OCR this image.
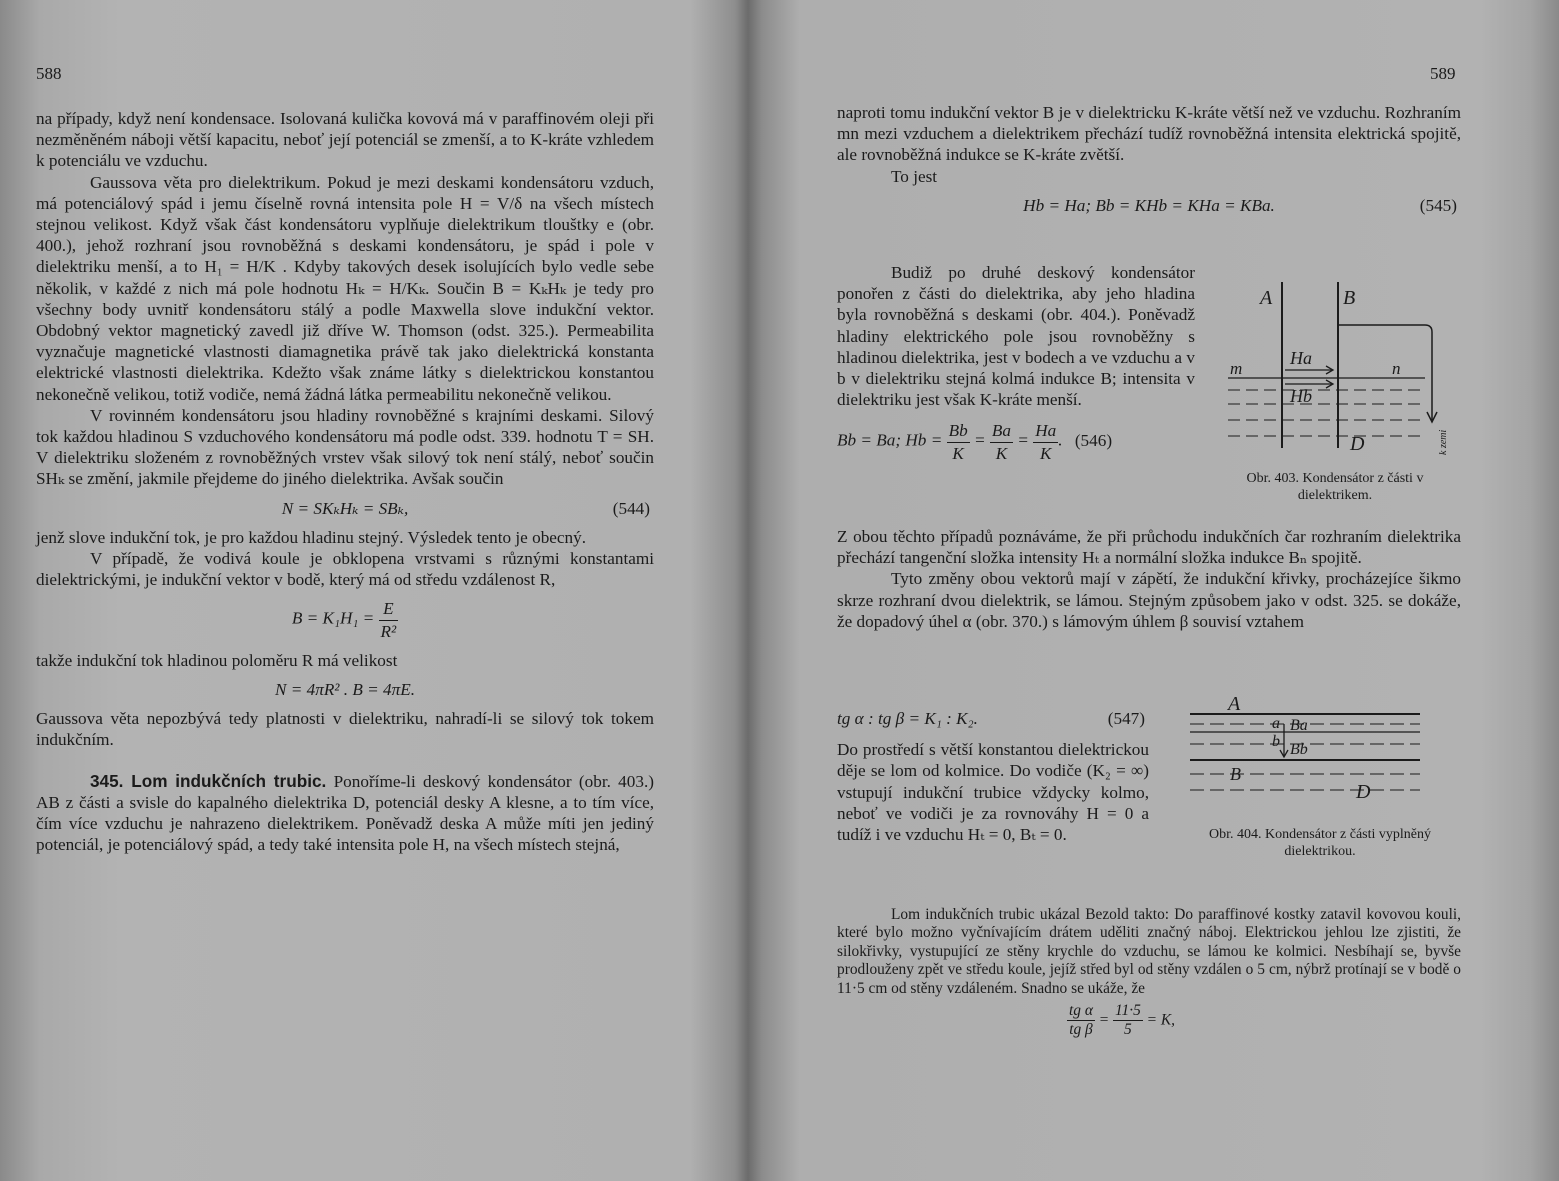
588

na případy, když není kondensace. Isolovaná kulička kovová má v paraffinovém oleji při nezměněném náboji větší kapacitu, neboť její potenciál se zmenší, a to K-kráte vzhledem k potenciálu ve vzduchu.

Gaussova věta pro dielektrikum. Pokud je mezi deskami kondensátoru vzduch, má potenciálový spád i jemu číselně rovná intensita pole H = V/δ na všech místech stejnou velikost. Když však část kondensátoru vyplňuje dielektrikum tlouštky e (obr. 400.), jehož rozhraní jsou rovnoběžná s deskami kondensátoru, je spád i pole v dielektriku menší, a to H₁ = H/K . Kdyby takových desek isolujících bylo vedle sebe několik, v každé z nich má pole hodnotu Hₖ = H/Kₖ. Součin B = KₖHₖ je tedy pro všechny body uvnitř kondensátoru stálý a podle Maxwella slove indukční vektor. Obdobný vektor magnetický zavedl již dříve W. Thomson (odst. 325.). Permeabilita vyznačuje magnetické vlastnosti diamagnetika právě tak jako dielektrická konstanta elektrické vlastnosti dielektrika. Kdežto však známe látky s dielektrickou konstantou nekonečně velikou, totiž vodiče, nemá žádná látka permeabilitu nekonečně velikou.

V rovinném kondensátoru jsou hladiny rovnoběžné s krajními deskami. Silový tok každou hladinou S vzduchového kondensátoru má podle odst. 339. hodnotu T = SH. V dielektriku složeném z rovnoběžných vrstev však silový tok není stálý, neboť součin SHₖ se změní, jakmile přejdeme do jiného dielektrika. Avšak součin

N = SKₖHₖ = SBₖ,	(544)

jenž slove indukční tok, je pro každou hladinu stejný. Výsledek tento je obecný.

V případě, že vodivá koule je obklopena vrstvami s různými konstantami dielektrickými, je indukční vektor v bodě, který má od středu vzdálenost R,

$B = K_1H_1 = \frac{E}{\text{R²}}$

takže indukční tok hladinou poloměru R má velikost

N = 4πR² . B = 4πE.

Gaussova věta nepozbývá tedy platnosti v dielektriku, nahradí-li se silový tok tokem indukčním.

345. Lom indukčních trubic. Ponoříme-li deskový kondensátor (obr. 403.) AB z části a svisle do kapalného dielektrika D, potenciál desky A klesne, a to tím více, čím více vzduchu je nahrazeno dielektrikem. Poněvadž deska A může míti jen jediný potenciál, je potenciálový spád, a tedy také intensita pole H, na všech místech stejná,

589

naproti tomu indukční vektor B je v dielektricku K-kráte větší než ve vzduchu. Rozhraním mn mezi vzduchem a dielektrikem přechází tudíž rovnoběžná intensita elektrická spojitě, ale rovnoběžná indukce se K-kráte zvětší.

To jest

Hb = Ha; Bb = KHb = KHa = KBa.	(545)

Budiž po druhé deskový kondensátor ponořen z části do dielektrika, aby jeho hladina byla rovnoběžná s deskami (obr. 404.). Poněvadž hladiny elektrického pole jsou rovnoběžny s hladinou dielektrika, jest v bodech a ve vzduchu a v b v dielektriku stejná kolmá indukce B; intensita v dielektriku jest však K-kráte menší.

Bb = Ba; $Hb = \frac{Bb}{K} = \frac{Ba}{K} = \frac{Ha}{K}$ . (546)
A	B
m	n
Ha
Hb
D	k zemi
Obr. 403. Kondensátor z části v dielektrikem.

Z obou těchto případů poznáváme, že při průchodu indukčních čar rozhraním dielektrika přechází tangenční složka intensity Hₜ a normální složka indukce Bₙ spojitě.

Tyto změny obou vektorů mají v zápětí, že indukční křivky, procházejíce šikmo skrze rozhraní dvou dielektrik, se lámou. Stejným způsobem jako v odst. 325. se dokáže, že dopadový úhel α (obr. 370.) s lámovým úhlem β souvisí vztahem

tg α : tg β = K₁ : K₂.	(547)

Do prostředí s větší konstantou dielektrickou děje se lom od kolmice. Do vodiče (K₂ = ∞) vstupují indukční trubice vždycky kolmo, neboť ve vodiči je za rovnováhy H = 0 a tudíž i ve vzduchu Hₜ = 0, Bₜ = 0.

A
a
b
Ba
Bb
B
D
Obr. 404. Kondensátor z části vyplněný dielektrikou.

Lom indukčních trubic ukázal Bezold takto: Do paraffinové kostky zatavil kovovou kouli, které bylo možno vyčnívajícím drátem uděliti značný náboj. Elektrickou jehlou lze zjistiti, že silokřivky, vystupující ze stěny krychle do vzduchu, se lámou ke kolmici. Nesbíhají se, byvše prodlouženy zpět ve středu koule, jejíž střed byl od stěny vzdálen o 5 cm, nýbrž protínají se v bodě o 11·5 cm od stěny vzdáleném. Snadno se ukáže, že

$\frac{\text{tg α}}{\text{tg β}} = \frac{11\cdot 5}{5} = K$,
